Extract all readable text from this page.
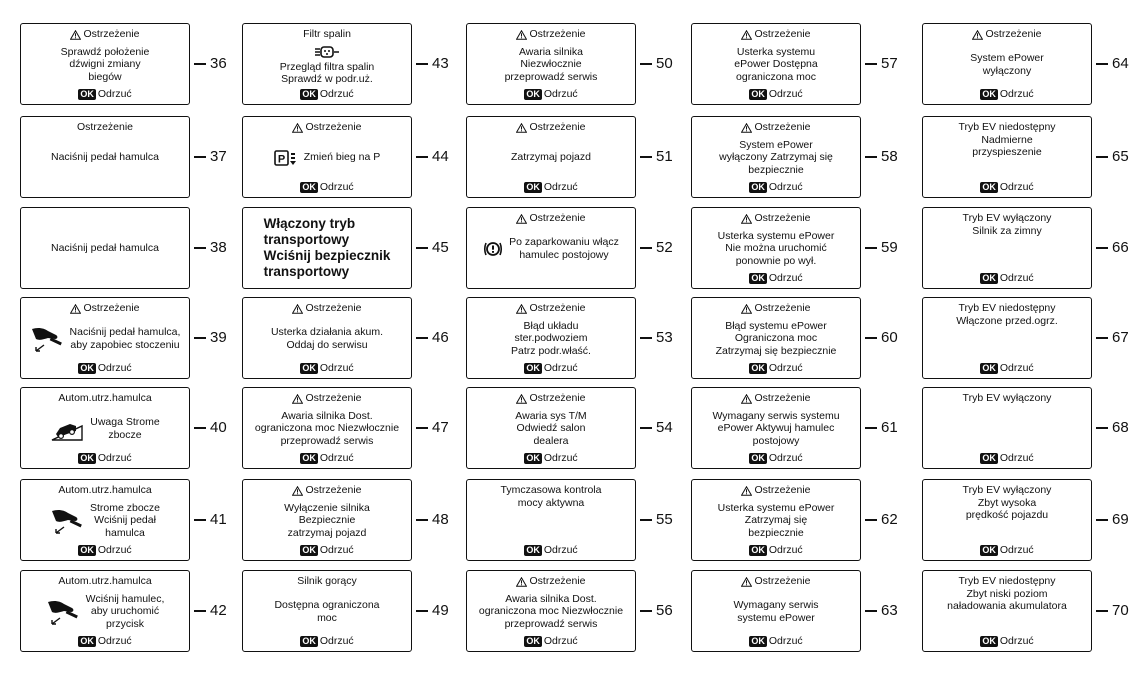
Ostrzeżenie
Sprawdź położenie
dźwigni zmiany
biegów
OK Odrzuć
36
Ostrzeżenie
Naciśnij pedał hamulca	37
Naciśnij pedał hamulca	38
Ostrzeżenie
Naciśnij pedał hamulca,
aby zapobiec stoczeniu
OK Odrzuć
39
Autom.utrz.hamulca
Uwaga Strome
zbocze
OK Odrzuć
40
Autom.utrz.hamulca
Strome zbocze
Wciśnij pedał
hamulca
OK Odrzuć
41
Autom.utrz.hamulca
Wciśnij hamulec,
aby uruchomić
przycisk
OK Odrzuć
42
Filtr spalin
Przegląd filtra spalin
Sprawdź w podr.uż.
OK Odrzuć
43
Ostrzeżenie
P Zmień bieg na P
OK Odrzuć
44
Włączony tryb
transportowy
Wciśnij bezpiecznik
transportowy
45
Ostrzeżenie
Usterka działania akum.
Oddaj do serwisu
OK Odrzuć
46
Ostrzeżenie
Awaria silnika Dost.
ograniczona moc Niezwłocznie
przeprowadź serwis
OK Odrzuć
47
Ostrzeżenie
Wyłączenie silnika
Bezpiecznie
zatrzymaj pojazd
OK Odrzuć
48
Silnik gorący
Dostępna ograniczona
moc
OK Odrzuć
49
Ostrzeżenie
Awaria silnika
Niezwłocznie
przeprowadź serwis
OK Odrzuć
50
Ostrzeżenie
Zatrzymaj pojazd
OK Odrzuć
51
Ostrzeżenie
Po zaparkowaniu włącz
hamulec postojowy	52
Ostrzeżenie
Błąd układu
ster.podwoziem
Patrz podr.właść.
OK Odrzuć
53
Ostrzeżenie
Awaria sys T/M
Odwiedź salon
dealera
OK Odrzuć
54
Tymczasowa kontrola
mocy aktywna
OK Odrzuć
55
Ostrzeżenie
Awaria silnika Dost.
ograniczona moc Niezwłocznie
przeprowadź serwis
OK Odrzuć
56
Ostrzeżenie
Usterka systemu
ePower Dostępna
ograniczona moc
OK Odrzuć
57
Ostrzeżenie
System ePower
wyłączony Zatrzymaj się
bezpiecznie
OK Odrzuć
58
Ostrzeżenie
Usterka systemu ePower
Nie można uruchomić
ponownie po wył.
OK Odrzuć
59
Ostrzeżenie
Błąd systemu ePower
Ograniczona moc
Zatrzymaj się bezpiecznie
OK Odrzuć
60
Ostrzeżenie
Wymagany serwis systemu
ePower Aktywuj hamulec
postojowy
OK Odrzuć
61
Ostrzeżenie
Usterka systemu ePower
Zatrzymaj się
bezpiecznie
OK Odrzuć
62
Ostrzeżenie
Wymagany serwis
systemu ePower
OK Odrzuć
63
Ostrzeżenie
System ePower
wyłączony
OK Odrzuć
64
Tryb EV niedostępny
Nadmierne
przyspieszenie
OK Odrzuć
65
Tryb EV wyłączony
Silnik za zimny
OK Odrzuć
66
Tryb EV niedostępny
Włączone przed.ogrz.
OK Odrzuć
67
Tryb EV wyłączony
OK Odrzuć
68
Tryb EV wyłączony
Zbyt wysoka
prędkość pojazdu
OK Odrzuć
69
Tryb EV niedostępny
Zbyt niski poziom
naładowania akumulatora
OK Odrzuć
70
